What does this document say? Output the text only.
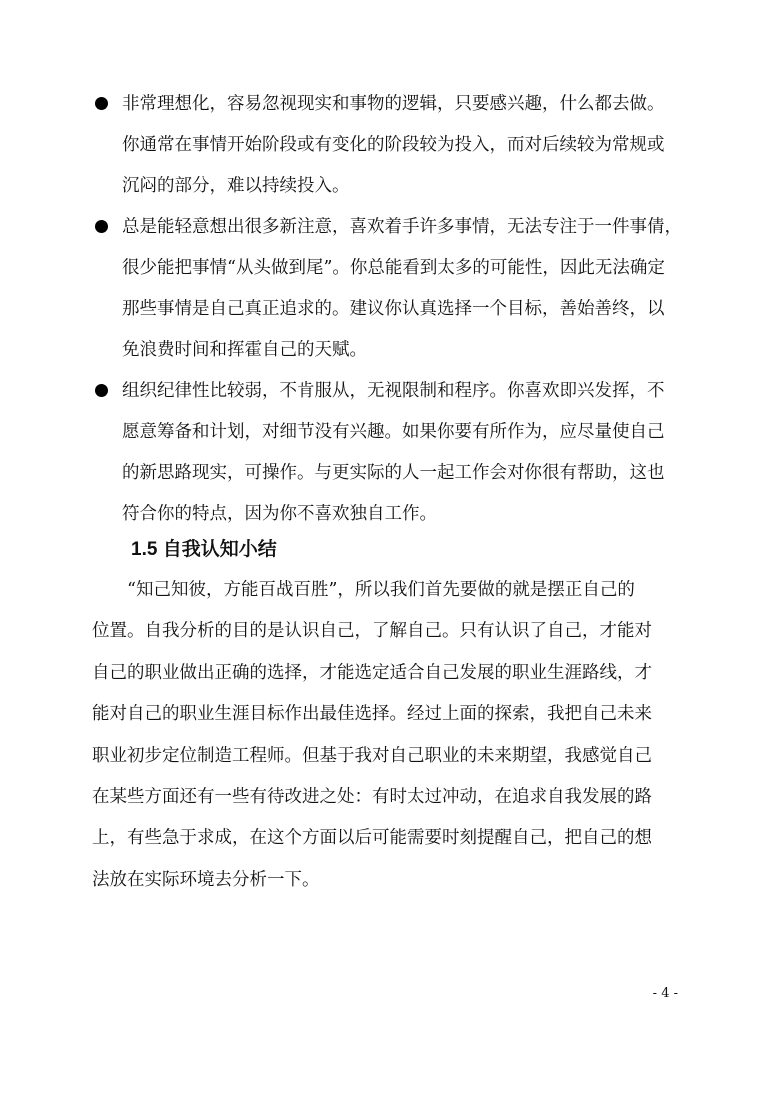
非常理想化，容易忽视现实和事物的逻辑，只要感兴趣，什么都去做。
你通常在事情开始阶段或有变化的阶段较为投入，而对后续较为常规或
沉闷的部分，难以持续投入。
总是能轻意想出很多新注意，喜欢着手许多事情，无法专注于一件事倩，
很少能把事情“从头做到尾”。你总能看到太多的可能性，因此无法确定
那些事情是自己真正追求的。建议你认真选择一个目标，善始善终，以
免浪费时间和挥霍自己的天赋。
组织纪律性比较弱，不肯服从，无视限制和程序。你喜欢即兴发挥，不
愿意筹备和计划，对细节没有兴趣。如果你要有所作为，应尽量使自己
的新思路现实，可操作。与更实际的人一起工作会对你很有帮助，这也
符合你的特点，因为你不喜欢独自工作。
1.5 自我认知小结

　　“知己知彼，方能百战百胜”，所以我们首先要做的就是摆正自己的
位置。自我分析的目的是认识自己，了解自己。只有认识了自己，才能对
自己的职业做出正确的选择，才能选定适合自己发展的职业生涯路线，才
能对自己的职业生涯目标作出最佳选择。经过上面的探索，我把自己未来
职业初步定位制造工程师。但基于我对自己职业的未来期望，我感觉自己
在某些方面还有一些有待改进之处：有时太过冲动，在追求自我发展的路
上，有些急于求成，在这个方面以后可能需要时刻提醒自己，把自己的想
法放在实际环境去分析一下。

- 4 -
